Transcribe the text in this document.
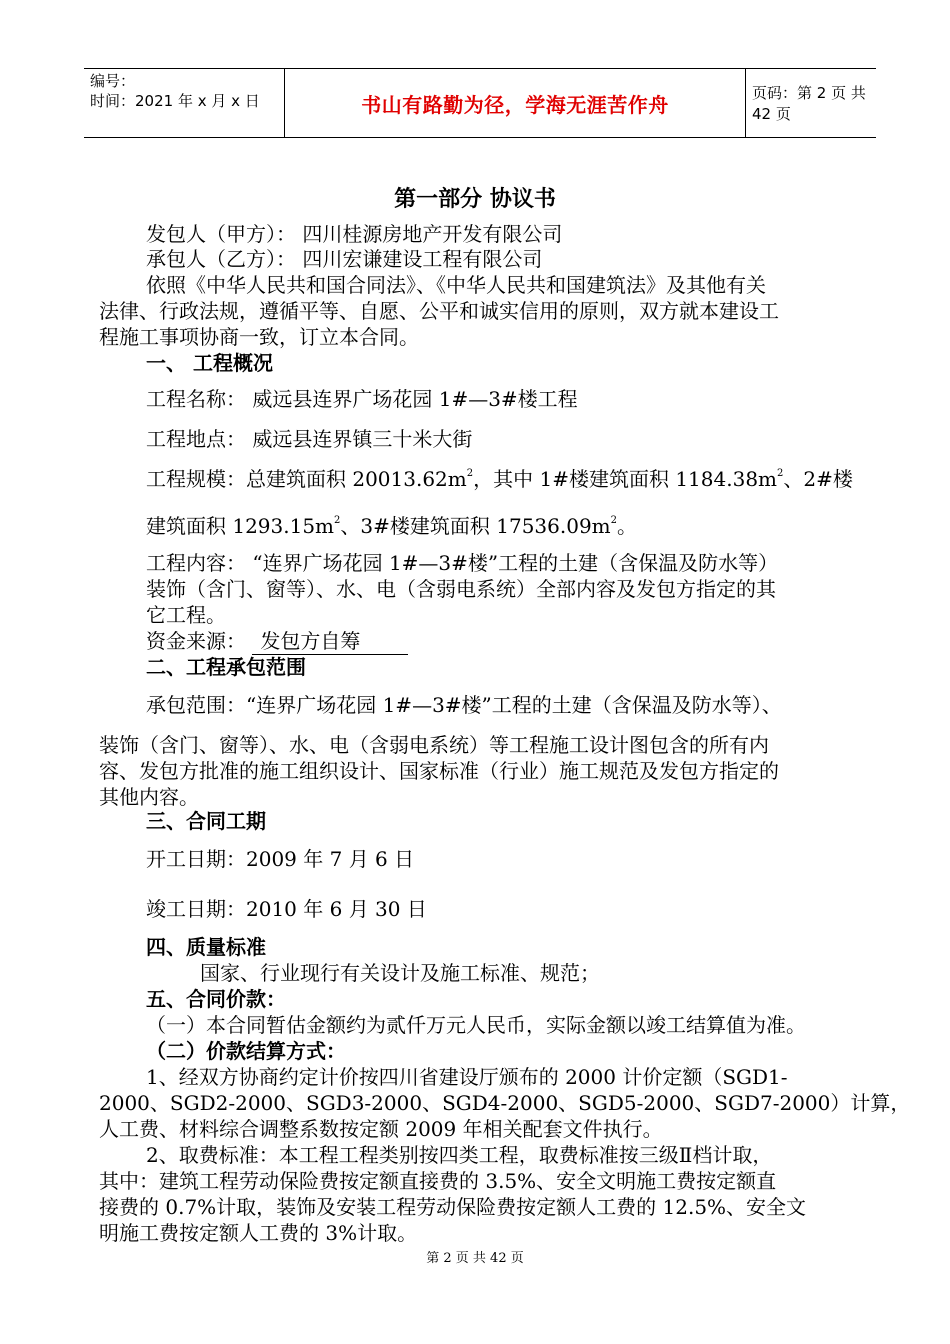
编号：
时间：2021 年 x 月 x 日	书山有路勤为径，学海无涯苦作舟	页码：第 2 页 共 42 页
第一部分 协议书
发包人（甲方）： 四川桂源房地产开发有限公司
承包人（乙方）： 四川宏谦建设工程有限公司
依照《中华人民共和国合同法》、《中华人民共和国建筑法》及其他有关
法律、行政法规，遵循平等、自愿、公平和诚实信用的原则，双方就本建设工
程施工事项协商一致，订立本合同。
一、 工程概况
工程名称： 威远县连界广场花园 1#—3#楼工程
工程地点： 威远县连界镇三十米大街
工程规模：总建筑面积 $20013.62m^2$，其中 1#楼建筑面积 $1184.38m^2$、2#楼
建筑面积 $1293.15m^2$、3#楼建筑面积 $17536.09m^2$。
工程内容： “连界广场花园 1#—3#楼”工程的土建（含保温及防水等）
装饰（含门、窗等）、水、电（含弱电系统）全部内容及发包方指定的其
它工程。
资金来源： 发包方自筹
二、工程承包范围
承包范围：“连界广场花园 1#—3#楼”工程的土建（含保温及防水等）、
装饰（含门、窗等）、水、电（含弱电系统）等工程施工设计图包含的所有内
容、发包方批准的施工组织设计、国家标准（行业）施工规范及发包方指定的
其他内容。
三、合同工期
开工日期：2009 年 7 月 6 日
竣工日期：2010 年 6 月 30 日
四、质量标准
国家、行业现行有关设计及施工标准、规范；
五、合同价款：
（一）本合同暂估金额约为贰仟万元人民币，实际金额以竣工结算值为准。
（二）价款结算方式：
1、经双方协商约定计价按四川省建设厅颁布的 2000 计价定额（SGD1-
2000、SGD2-2000、SGD3-2000、SGD4-2000、SGD5-2000、SGD7-2000）计算，
人工费、材料综合调整系数按定额 2009 年相关配套文件执行。
2、取费标准：本工程工程类别按四类工程，取费标准按三级Ⅱ档计取，
其中：建筑工程劳动保险费按定额直接费的 3.5%、安全文明施工费按定额直
接费的 0.7%计取，装饰及安装工程劳动保险费按定额人工费的 12.5%、安全文
明施工费按定额人工费的 3%计取。
第 2 页 共 42 页
